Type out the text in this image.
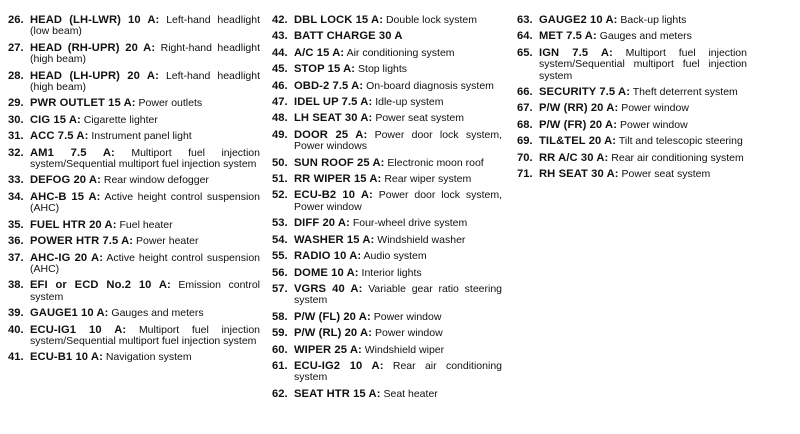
26. HEAD (LH-LWR) 10 A: Left-hand headlight (low beam)
27. HEAD (RH-UPR) 20 A: Right-hand headlight (high beam)
28. HEAD (LH-UPR) 20 A: Left-hand headlight (high beam)
29. PWR OUTLET 15 A: Power outlets
30. CIG 15 A: Cigarette lighter
31. ACC 7.5 A: Instrument panel light
32. AM1 7.5 A: Multiport fuel injection system/Sequential multiport fuel injection system
33. DEFOG 20 A: Rear window defogger
34. AHC-B 15 A: Active height control suspension (AHC)
35. FUEL HTR 20 A: Fuel heater
36. POWER HTR 7.5 A: Power heater
37. AHC-IG 20 A: Active height control suspension (AHC)
38. EFI or ECD No.2 10 A: Emission control system
39. GAUGE1 10 A: Gauges and meters
40. ECU-IG1 10 A: Multiport fuel injection system/Sequential multiport fuel injection system
41. ECU-B1 10 A: Navigation system
42. DBL LOCK 15 A: Double lock system
43. BATT CHARGE 30 A
44. A/C 15 A: Air conditioning system
45. STOP 15 A: Stop lights
46. OBD-2 7.5 A: On-board diagnosis system
47. IDEL UP 7.5 A: Idle-up system
48. LH SEAT 30 A: Power seat system
49. DOOR 25 A: Power door lock system, Power windows
50. SUN ROOF 25 A: Electronic moon roof
51. RR WIPER 15 A: Rear wiper system
52. ECU-B2 10 A: Power door lock system, Power window
53. DIFF 20 A: Four-wheel drive system
54. WASHER 15 A: Windshield washer
55. RADIO 10 A: Audio system
56. DOME 10 A: Interior lights
57. VGRS 40 A: Variable gear ratio steering system
58. P/W (FL) 20 A: Power window
59. P/W (RL) 20 A: Power window
60. WIPER 25 A: Windshield wiper
61. ECU-IG2 10 A: Rear air conditioning system
62. SEAT HTR 15 A: Seat heater
63. GAUGE2 10 A: Back-up lights
64. MET 7.5 A: Gauges and meters
65. IGN 7.5 A: Multiport fuel injection system/Sequential multiport fuel injection system
66. SECURITY 7.5 A: Theft deterrent system
67. P/W (RR) 20 A: Power window
68. P/W (FR) 20 A: Power window
69. TIL&TEL 20 A: Tilt and telescopic steering
70. RR A/C 30 A: Rear air conditioning system
71. RH SEAT 30 A: Power seat system
